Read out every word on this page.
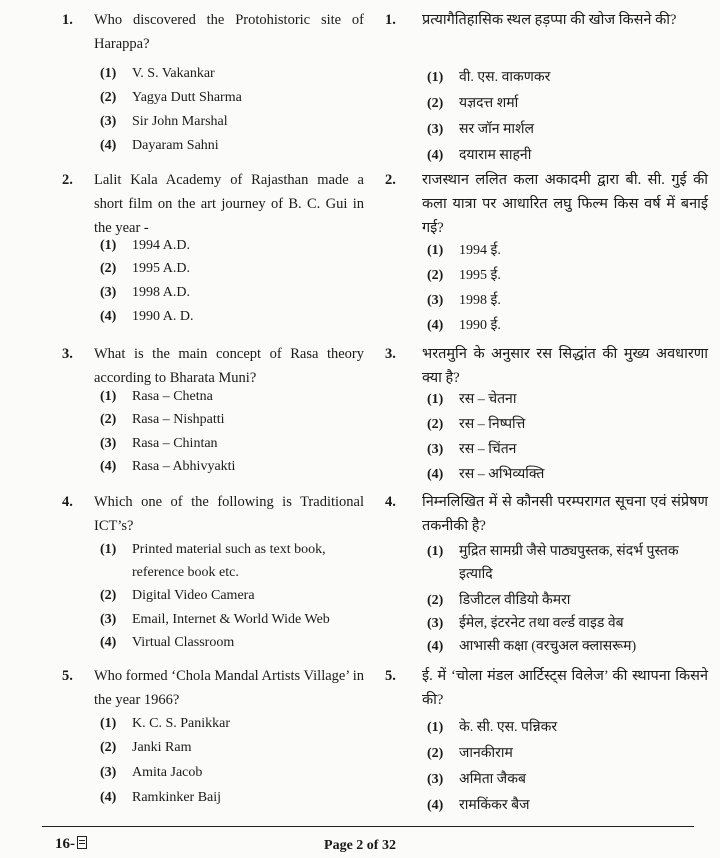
1. Who discovered the Protohistoric site of Harappa?
(1) V. S. Vakankar
(2) Yagya Dutt Sharma
(3) Sir John Marshal
(4) Dayaram Sahni
2. Lalit Kala Academy of Rajasthan made a short film on the art journey of B. C. Gui in the year -
(1) 1994 A.D.
(2) 1995 A.D.
(3) 1998 A.D.
(4) 1990 A. D.
3. What is the main concept of Rasa theory according to Bharata Muni?
(1) Rasa – Chetna
(2) Rasa – Nishpatti
(3) Rasa – Chintan
(4) Rasa – Abhivyakti
4. Which one of the following is Traditional ICT’s?
(1) Printed material such as text book, reference book etc.
(2) Digital Video Camera
(3) Email, Internet & World Wide Web
(4) Virtual Classroom
5. Who formed ‘Chola Mandal Artists Village’ in the year 1966?
(1) K. C. S. Panikkar
(2) Janki Ram
(3) Amita Jacob
(4) Ramkinker Baij
1. प्रत्यागैतिहासिक स्थल हड़प्पा की खोज किसने की?
(1) वी. एस. वाकणकर
(2) यज्ञदत्त शर्मा
(3) सर जॉन मार्शल
(4) दयाराम साहनी
2. राजस्थान ललित कला अकादमी द्वारा बी. सी. गुई की कला यात्रा पर आधारित लघु फिल्म किस वर्ष में बनाई गई?
(1) 1994 ई.
(2) 1995 ई.
(3) 1998 ई.
(4) 1990 ई.
3. भरतमुनि के अनुसार रस सिद्धांत की मुख्य अवधारणा क्या है?
(1) रस – चेतना
(2) रस – निष्पत्ति
(3) रस – चिंतन
(4) रस – अभिव्यक्ति
4. निम्नलिखित में से कौनसी परम्परागत सूचना एवं संप्रेषण तकनीकी है?
(1) मुद्रित सामग्री जैसे पाठ्यपुस्तक, संदर्भ पुस्तक इत्यादि
(2) डिजीटल वीडियो कैमरा
(3) ईमेल, इंटरनेट तथा वर्ल्ड वाइड वेब
(4) आभासी कक्षा (वरचुअल क्लासरूम)
5. ई. में ‘चोला मंडल आर्टिस्ट्स विलेज’ की स्थापना किसने की?
(1) के. सी. एस. पन्निकर
(2) जानकीराम
(3) अमिता जैकब
(4) रामकिंकर बैज
16-	Page 2 of 32
